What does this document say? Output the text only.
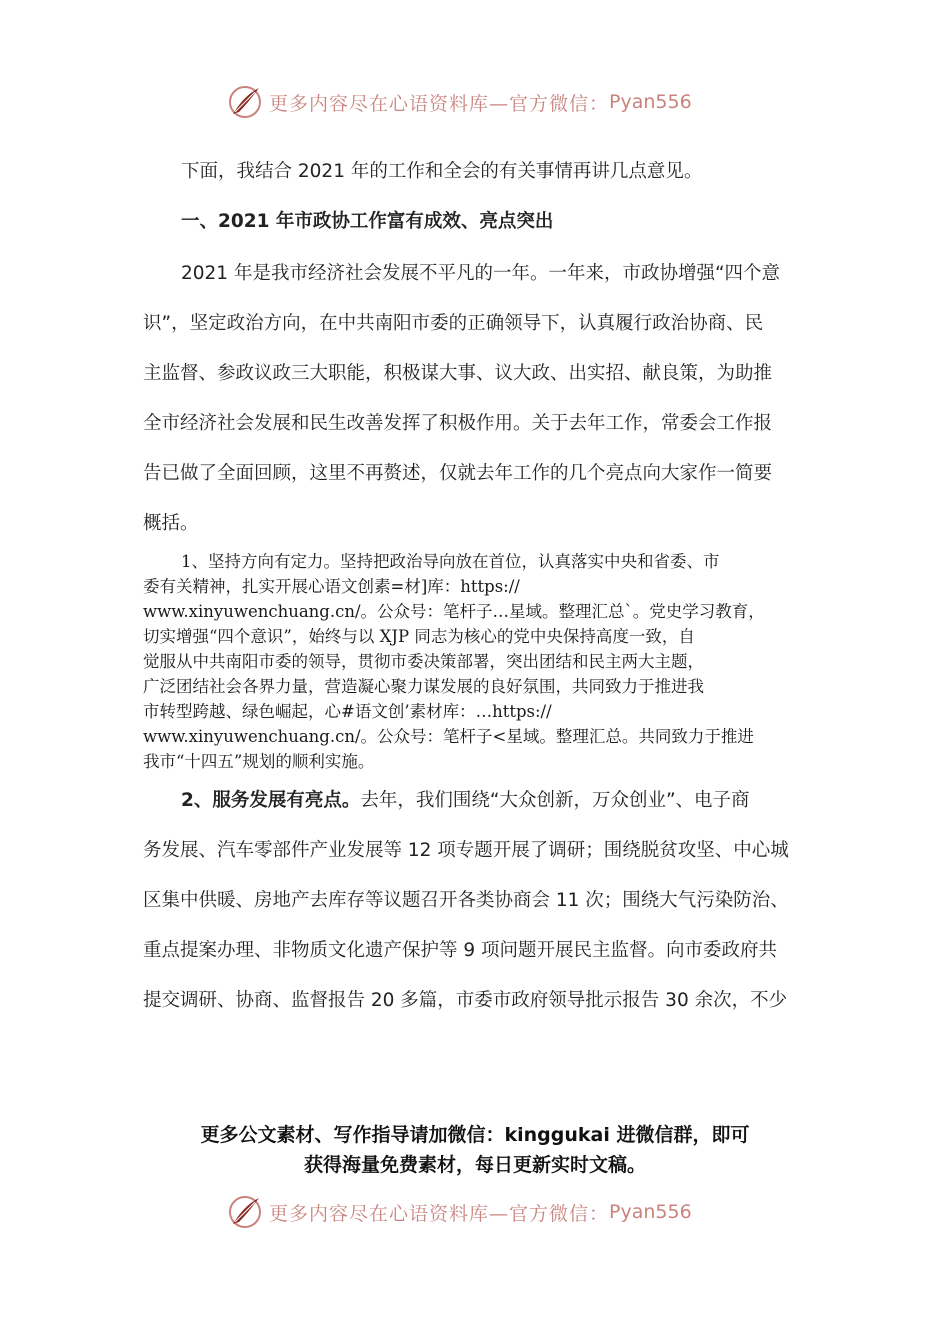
更多内容尽在心语资料库—官方微信： Pyan556
下面，我结合 2021 年的工作和全会的有关事情再讲几点意见。
一、2021 年市政协工作富有成效、亮点突出
2021 年是我市经济社会发展不平凡的一年。一年来，市政协增强“四个意
识”，坚定政治方向，在中共南阳市委的正确领导下，认真履行政治协商、民
主监督、参政议政三大职能，积极谋大事、议大政、出实招、献良策，为助推
全市经济社会发展和民生改善发挥了积极作用。关于去年工作，常委会工作报
告已做了全面回顾，这里不再赘述，仅就去年工作的几个亮点向大家作一简要
概括。
1、坚持方向有定力。坚持把政治导向放在首位，认真落实中央和省委、市
委有关精神，扎实开展心语文创素=材]库：https://
www.xinyuwenchuang.cn/。公众号：笔杆子…星域。整理汇总`。党史学习教育，
切实增强“四个意识”，始终与以 XJP 同志为核心的党中央保持高度一致，自
觉服从中共南阳市委的领导，贯彻市委决策部署，突出团结和民主两大主题，
广泛团结社会各界力量，营造凝心聚力谋发展的良好氛围，共同致力于推进我
市转型跨越、绿色崛起，心#语文创’素材库：…https://
www.xinyuwenchuang.cn/。公众号：笔杆子<星域。整理汇总。共同致力于推进
我市“十四五”规划的顺利实施。
2、服务发展有亮点。去年，我们围绕“大众创新，万众创业”、电子商
务发展、汽车零部件产业发展等 12 项专题开展了调研；围绕脱贫攻坚、中心城
区集中供暖、房地产去库存等议题召开各类协商会 11 次；围绕大气污染防治、
重点提案办理、非物质文化遗产保护等 9 项问题开展民主监督。向市委政府共
提交调研、协商、监督报告 20 多篇，市委市政府领导批示报告 30 余次，不少
更多公文素材、写作指导请加微信：kinggukai 进微信群，即可
获得海量免费素材，每日更新实时文稿。
更多内容尽在心语资料库—官方微信： Pyan556
